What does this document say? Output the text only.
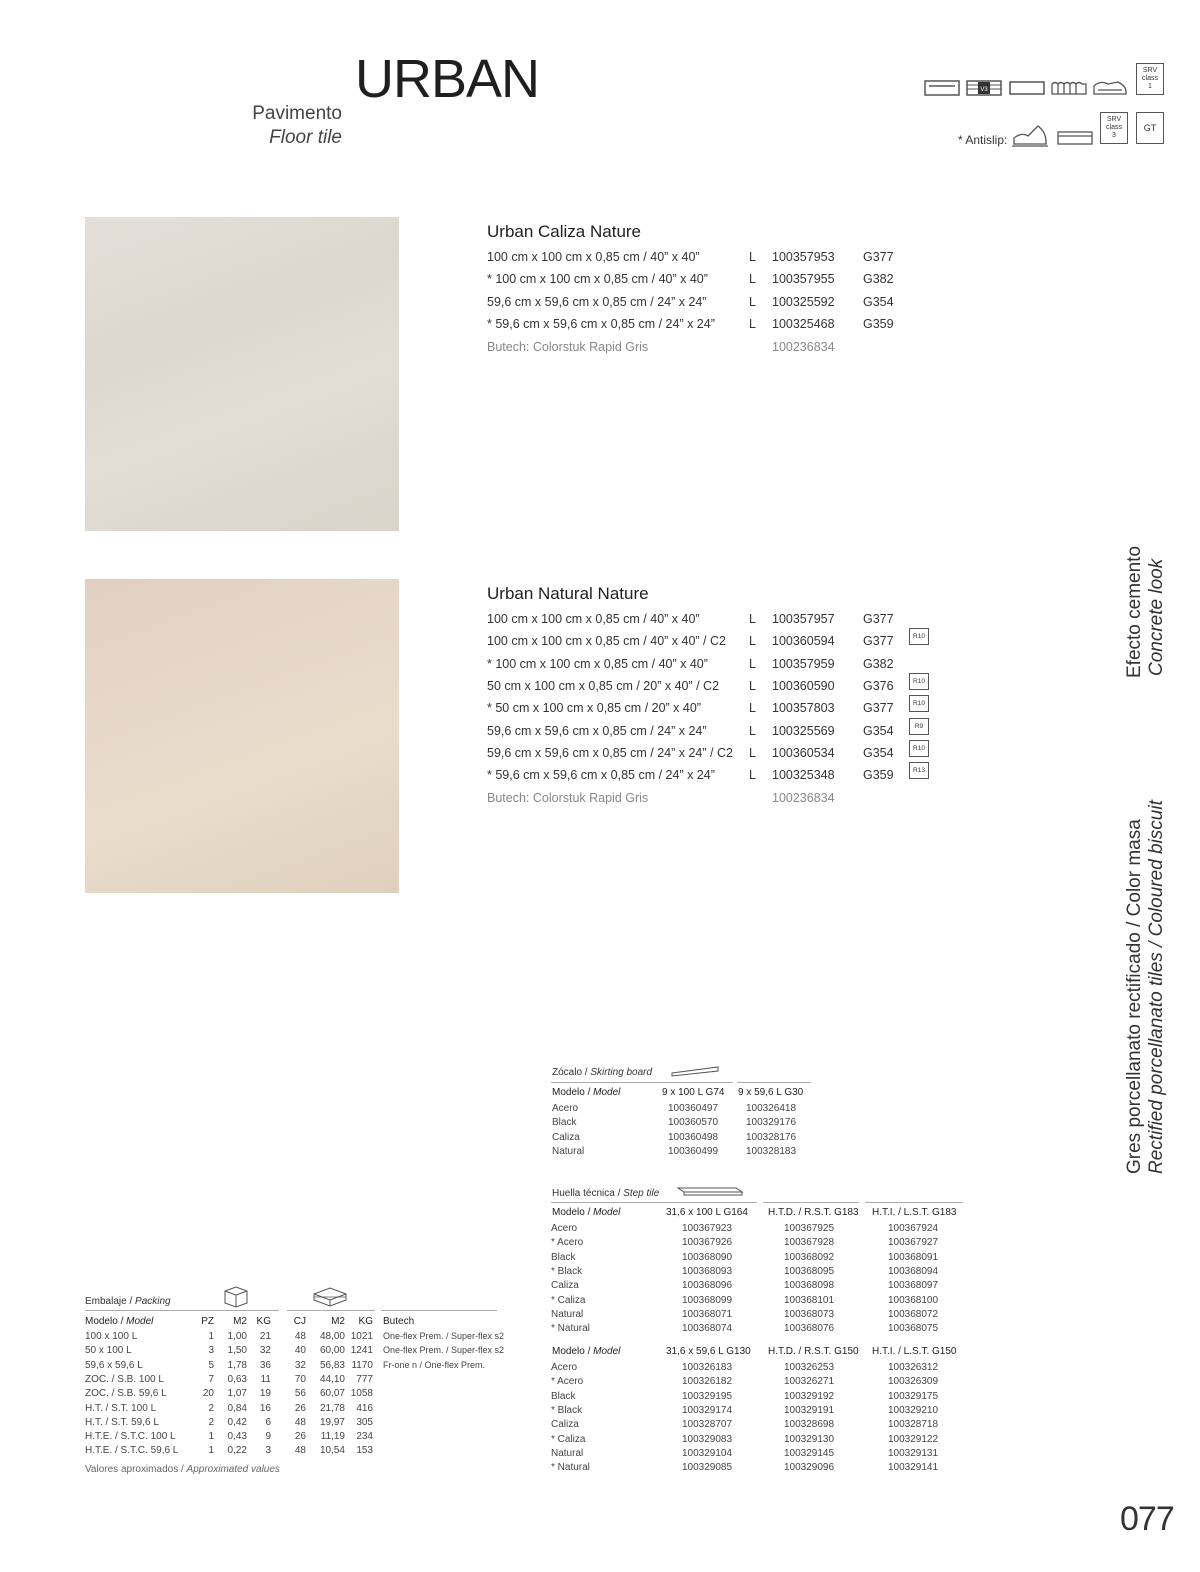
URBAN
Pavimento
Floor tile
V3
SRV
class
1
* Antislip:
SRV
class
3
GT
Urban Caliza Nature
100 cm x 100 cm x 0,85 cm / 40” x 40”	L 100357953 G377
* 100 cm x 100 cm x 0,85 cm / 40” x 40”	L 100357955 G382
59,6 cm x 59,6 cm x 0,85 cm / 24” x 24”	L 100325592 G354
* 59,6 cm x 59,6 cm x 0,85 cm / 24” x 24”	L 100325468 G359
Butech: Colorstuk Rapid Gris	100236834
Urban Natural Nature
100 cm x 100 cm x 0,85 cm / 40” x 40”	L 100357957 G377
100 cm x 100 cm x 0,85 cm / 40” x 40” / C2 L 100360594 G377	R10
* 100 cm x 100 cm x 0,85 cm / 40” x 40”	L 100357959 G382
50 cm x 100 cm x 0,85 cm / 20” x 40” / C2 L 100360590 G376	R10
* 50 cm x 100 cm x 0,85 cm / 20” x 40”	L 100357803 G377	R10
59,6 cm x 59,6 cm x 0,85 cm / 24” x 24”	L 100325569 G354	R9
59,6 cm x 59,6 cm x 0,85 cm / 24” x 24” / C2 L 100360534 G354	R10
* 59,6 cm x 59,6 cm x 0,85 cm / 24” x 24”	L 100325348 G359	R13
Butech: Colorstuk Rapid Gris	100236834
Efecto cemento Concrete look
Gres porcellanato rectificado / Color masa Rectified porcellanato tiles / Coloured biscuit
Zócalo / Skirting board
Modelo / Model	9 x 100 L G74 9 x 59,6 L G30
Acero	100360497	100326418
Black	100360570	100329176
Caliza	100360498	100328176
Natural	100360499	100328183
Huella técnica / Step tile
Modelo / Model	31,6 x 100 L G164 H.T.D. / R.S.T. G183 H.T.I. / L.S.T. G183
Acero	100367923	100367925	100367924
* Acero	100367926	100367928	100367927
Black	100368090	100368092	100368091
* Black	100368093	100368095	100368094
Caliza	100368096	100368098	100368097
* Caliza	100368099	100368101	100368100
Natural	100368071	100368073	100368072
* Natural	100368074	100368076	100368075
Modelo / Model	31,6 x 59,6 L G130 H.T.D. / R.S.T. G150 H.T.I. / L.S.T. G150
Acero	100326183	100326253	100326312
* Acero	100326182	100326271	100326309
Black	100329195	100329192	100329175
* Black	100329174	100329191	100329210
Caliza	100328707	100328698	100328718
* Caliza	100329083	100329130	100329122
Natural	100329104	100329145	100329131
* Natural	100329085	100329096	100329141
Embalaje / Packing
Modelo / Model	PZ M2 KG CJ	M2 KG Butech
100 x 100 L	1 1,00 21 48 48,00 1021 One-flex Prem. / Super-flex s2
50 x 100 L	3 1,50 32 40 60,00 1241 One-flex Prem. / Super-flex s2
59,6 x 59,6 L	5 1,78 36 32 56,83 1170 Fr-one n / One-flex Prem.
ZOC. / S.B. 100 L	7 0,63 11 70 44,10 777
ZOC. / S.B. 59,6 L	20 1,07 19 56 60,07 1058
H.T. / S.T. 100 L	2 0,84 16 26 21,78 416
H.T. / S.T. 59,6 L	2 0,42 6 48 19,97 305
H.T.E. / S.T.C. 100 L	1 0,43 9 26 11,19 234
H.T.E. / S.T.C. 59,6 L	1 0,22 3 48 10,54 153
Valores aproximados / Approximated values
077
